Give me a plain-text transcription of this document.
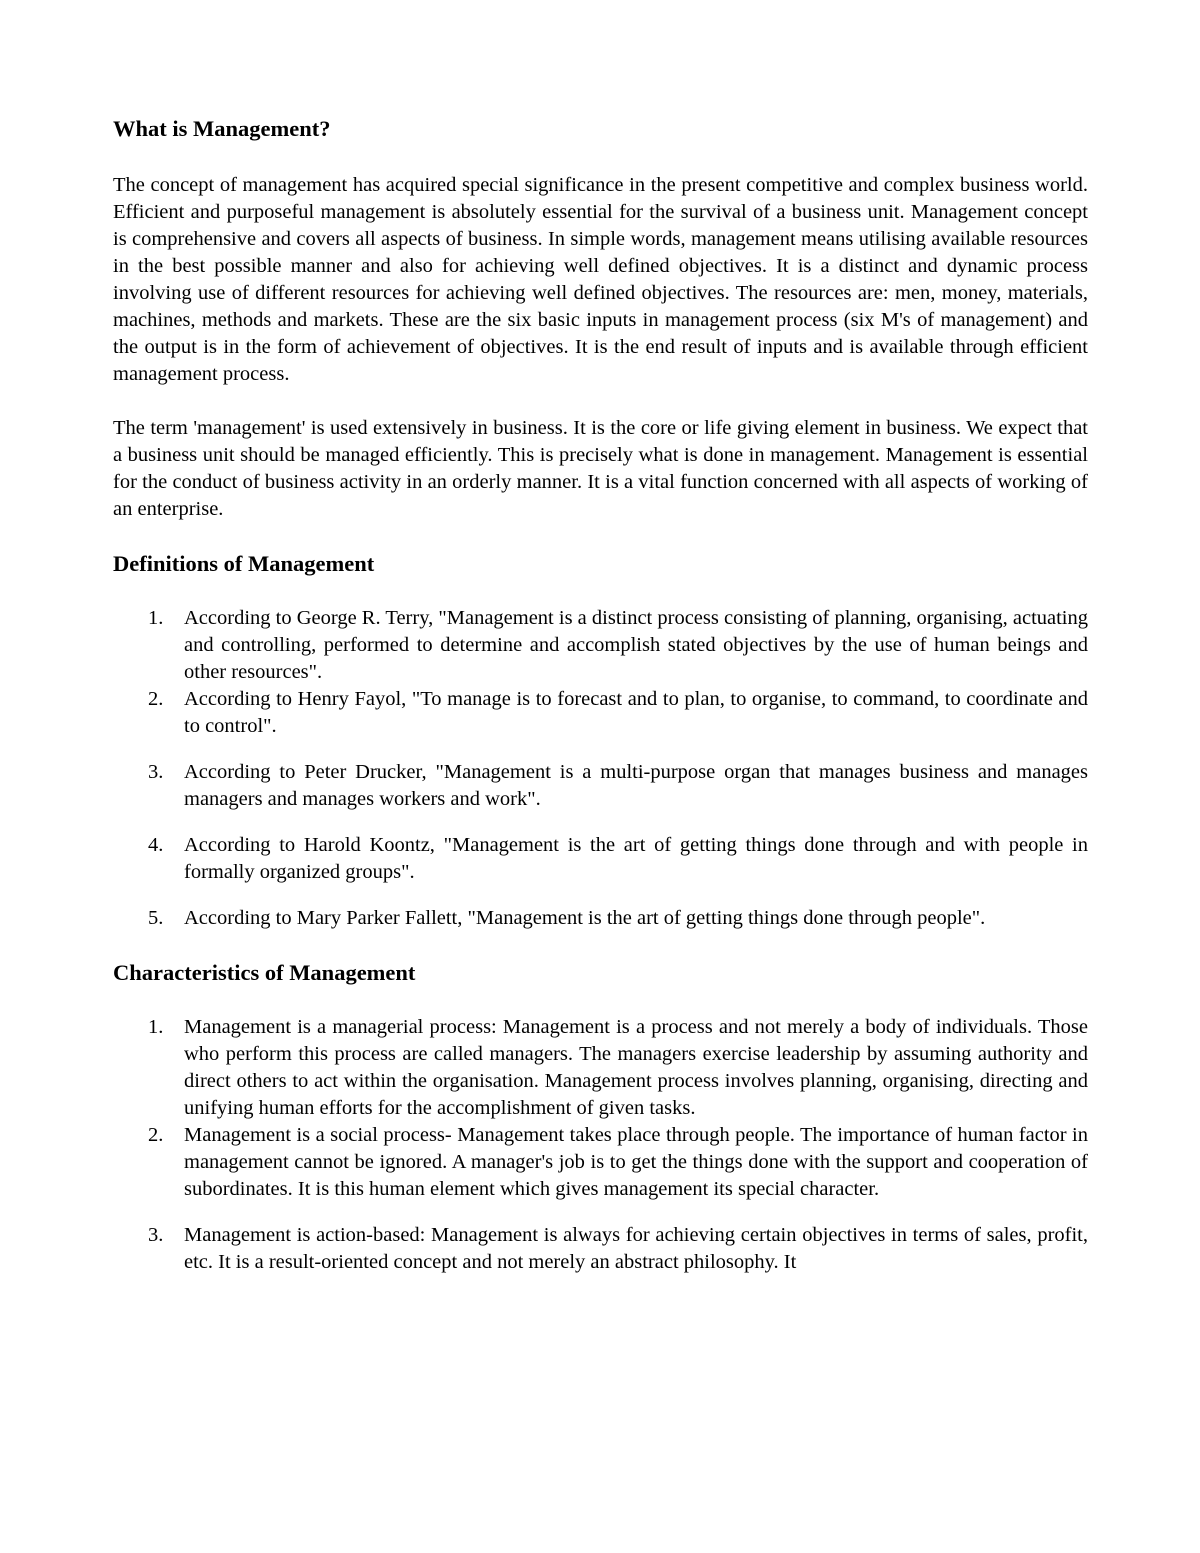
What is Management?

The concept of management has acquired special significance in the present competitive and complex business world. Efficient and purposeful management is absolutely essential for the survival of a business unit. Management concept is comprehensive and covers all aspects of business. In simple words, management means utilising available resources in the best possible manner and also for achieving well defined objectives. It is a distinct and dynamic process involving use of different resources for achieving well defined objectives. The resources are: men, money, materials, machines, methods and markets. These are the six basic inputs in management process (six M's of management) and the output is in the form of achievement of objectives. It is the end result of inputs and is available through efficient management process.

The term 'management' is used extensively in business. It is the core or life giving element in business. We expect that a business unit should be managed efficiently. This is precisely what is done in management. Management is essential for the conduct of business activity in an orderly manner. It is a vital function concerned with all aspects of working of an enterprise.

Definitions of Management
1. According to George R. Terry, "Management is a distinct process consisting of planning, organising, actuating and controlling, performed to determine and accomplish stated objectives by the use of human beings and other resources".
2. According to Henry Fayol, "To manage is to forecast and to plan, to organise, to command, to coordinate and to control".
3. According to Peter Drucker, "Management is a multi-purpose organ that manages business and manages managers and manages workers and work".
4. According to Harold Koontz, "Management is the art of getting things done through and with people in formally organized groups".
5. According to Mary Parker Fallett, "Management is the art of getting things done through people".
Characteristics of Management
1. Management is a managerial process: Management is a process and not merely a body of individuals. Those who perform this process are called managers. The managers exercise leadership by assuming authority and direct others to act within the organisation. Management process involves planning, organising, directing and unifying human efforts for the accomplishment of given tasks.
2. Management is a social process- Management takes place through people. The importance of human factor in management cannot be ignored. A manager's job is to get the things done with the support and cooperation of subordinates. It is this human element which gives management its special character.
3. Management is action-based: Management is always for achieving certain objectives in terms of sales, profit, etc. It is a result-oriented concept and not merely an abstract philosophy. It
